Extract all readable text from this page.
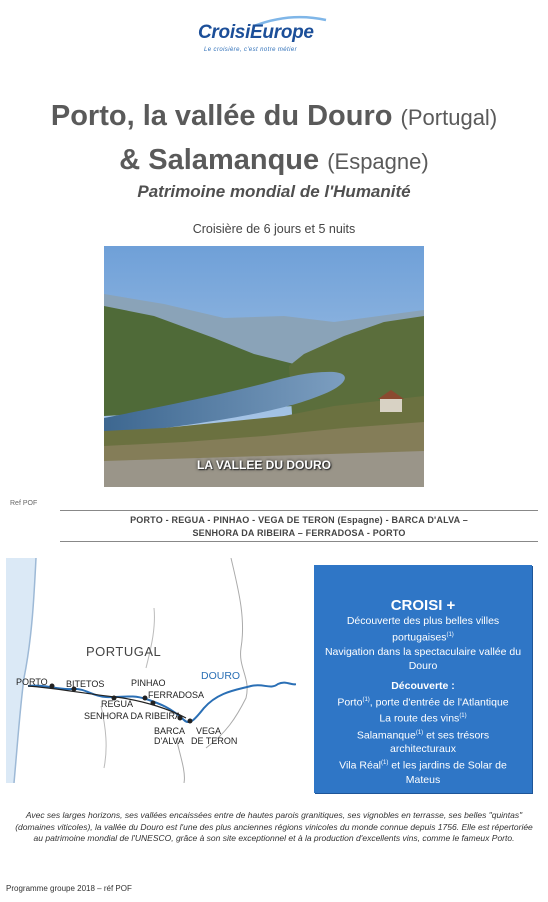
CroisiEurope
Le croisière, c'est notre métier
Porto, la vallée du Douro (Portugal)
& Salamanque (Espagne)
Patrimoine mondial de l'Humanité
Croisière de 6 jours et 5 nuits
LA VALLEE DU DOURO
Ref POF
PORTO - REGUA - PINHAO - VEGA DE TERON (Espagne) - BARCA D'ALVA –
SENHORA DA RIBEIRA – FERRADOSA - PORTO
PORTUGAL
DOURO
PORTO BITETOS	PINHAO
FERRADOSA
REGUA
SENHORA DA RIBEIRA
BARCA
D'ALVA
VEGA
DE TERON
CROISI +
Découverte des plus belles villes
portugaises$^{(1)}$
Navigation dans la spectaculaire vallée du Douro
Découverte :
Porto$^{(1)}$, porte d'entrée de l'Atlantique
La route des vins$^{(1)}$
Salamanque$^{(1)}$ et ses trésors architecturaux
Vila Réal$^{(1)}$ et les jardins de Solar de Mateus
Avec ses larges horizons, ses vallées encaissées entre de hautes parois granitiques, ses vignobles en terrasse, ses belles "quintas" (domaines viticoles), la vallée du Douro est l'une des plus anciennes régions vinicoles du monde connue depuis 1756. Elle est répertoriée au patrimoine mondial de l'UNESCO, grâce à son site exceptionnel et à la production d'excellents vins, comme le fameux Porto.
Programme groupe 2018 – réf POF
